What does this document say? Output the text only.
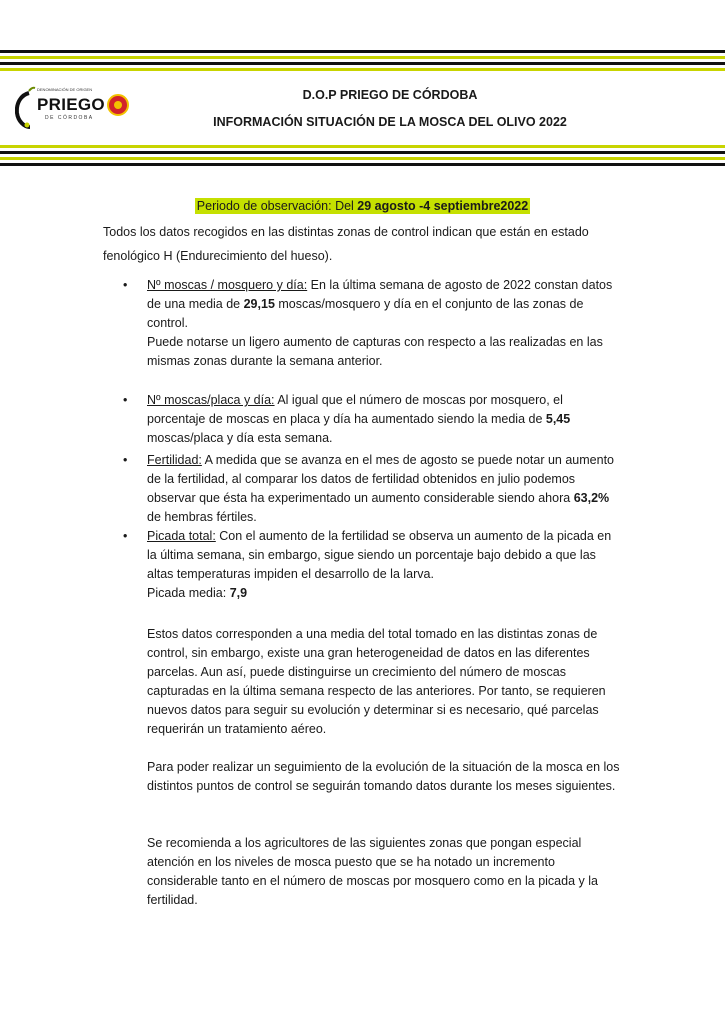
DENOMINACIÓN DE ORIGEN
PRIEGO
DE CÓRDOBA
D.O.P PRIEGO DE CÓRDOBA
INFORMACIÓN SITUACIÓN DE LA MOSCA DEL OLIVO 2022
Periodo de observación: Del 29 agosto -4 septiembre2022

Todos los datos recogidos en las distintas zonas de control indican que están en estado fenológico H (Endurecimiento del hueso).

• Nº moscas / mosquero y día: En la última semana de agosto de 2022 constan datos de una media de 29,15 moscas/mosquero y día en el conjunto de las zonas de control.
Puede notarse un ligero aumento de capturas con respecto a las realizadas en las mismas zonas durante la semana anterior.
• Nº moscas/placa y día: Al igual que el número de moscas por mosquero, el porcentaje de moscas en placa y día ha aumentado siendo la media de 5,45 moscas/placa y día esta semana.
• Fertilidad: A medida que se avanza en el mes de agosto se puede notar un aumento de la fertilidad, al comparar los datos de fertilidad obtenidos en julio podemos observar que ésta ha experimentado un aumento considerable siendo ahora 63,2% de hembras fértiles.
• Picada total: Con el aumento de la fertilidad se observa un aumento de la picada en la última semana, sin embargo, sigue siendo un porcentaje bajo debido a que las altas temperaturas impiden el desarrollo de la larva.
Picada media: 7,9

Estos datos corresponden a una media del total tomado en las distintas zonas de control, sin embargo, existe una gran heterogeneidad de datos en las diferentes parcelas. Aun así, puede distinguirse un crecimiento del número de moscas capturadas en la última semana respecto de las anteriores. Por tanto, se requieren nuevos datos para seguir su evolución y determinar si es necesario, qué parcelas requerirán un tratamiento aéreo.

Para poder realizar un seguimiento de la evolución de la situación de la mosca en los distintos puntos de control se seguirán tomando datos durante los meses siguientes.

Se recomienda a los agricultores de las siguientes zonas que pongan especial atención en los niveles de mosca puesto que se ha notado un incremento considerable tanto en el número de moscas por mosquero como en la picada y la fertilidad.
